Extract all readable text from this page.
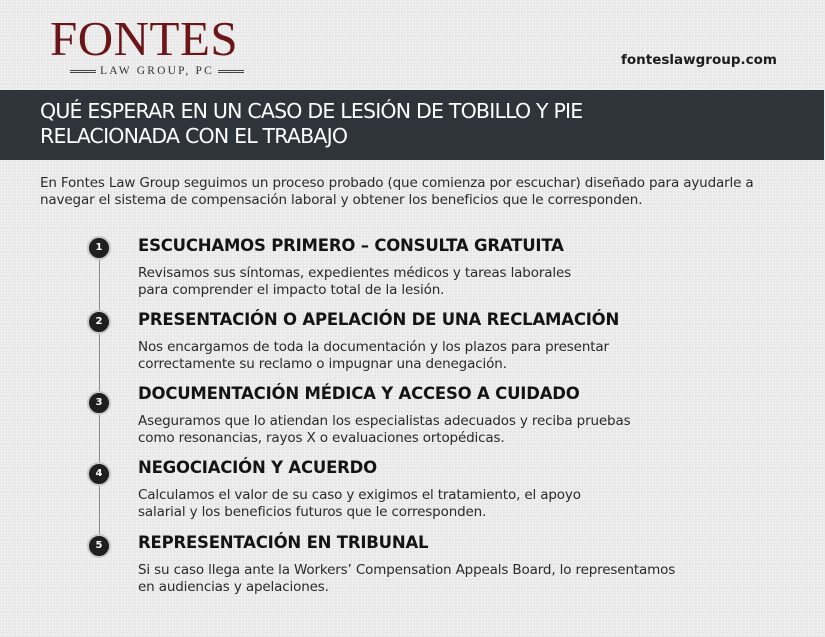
FONTES
LAW GROUP, PC
fonteslawgroup.com
QUÉ ESPERAR EN UN CASO DE LESIÓN DE TOBILLO Y PIE
RELACIONADA CON EL TRABAJO

En Fontes Law Group seguimos un proceso probado (que comienza por escuchar) diseñado para ayudarle a navegar el sistema de compensación laboral y obtener los beneficios que le corresponden.

1	ESCUCHAMOS PRIMERO – CONSULTA GRATUITA

Revisamos sus síntomas, expedientes médicos y tareas laborales
para comprender el impacto total de la lesión.

2	PRESENTACIÓN O APELACIÓN DE UNA RECLAMACIÓN

Nos encargamos de toda la documentación y los plazos para presentar
correctamente su reclamo o impugnar una denegación.

3	DOCUMENTACIÓN MÉDICA Y ACCESO A CUIDADO

Aseguramos que lo atiendan los especialistas adecuados y reciba pruebas
como resonancias, rayos X o evaluaciones ortopédicas.

4	NEGOCIACIÓN Y ACUERDO

Calculamos el valor de su caso y exigimos el tratamiento, el apoyo
salarial y los beneficios futuros que le corresponden.

5	REPRESENTACIÓN EN TRIBUNAL

Si su caso llega ante la Workers’ Compensation Appeals Board, lo representamos
en audiencias y apelaciones.
